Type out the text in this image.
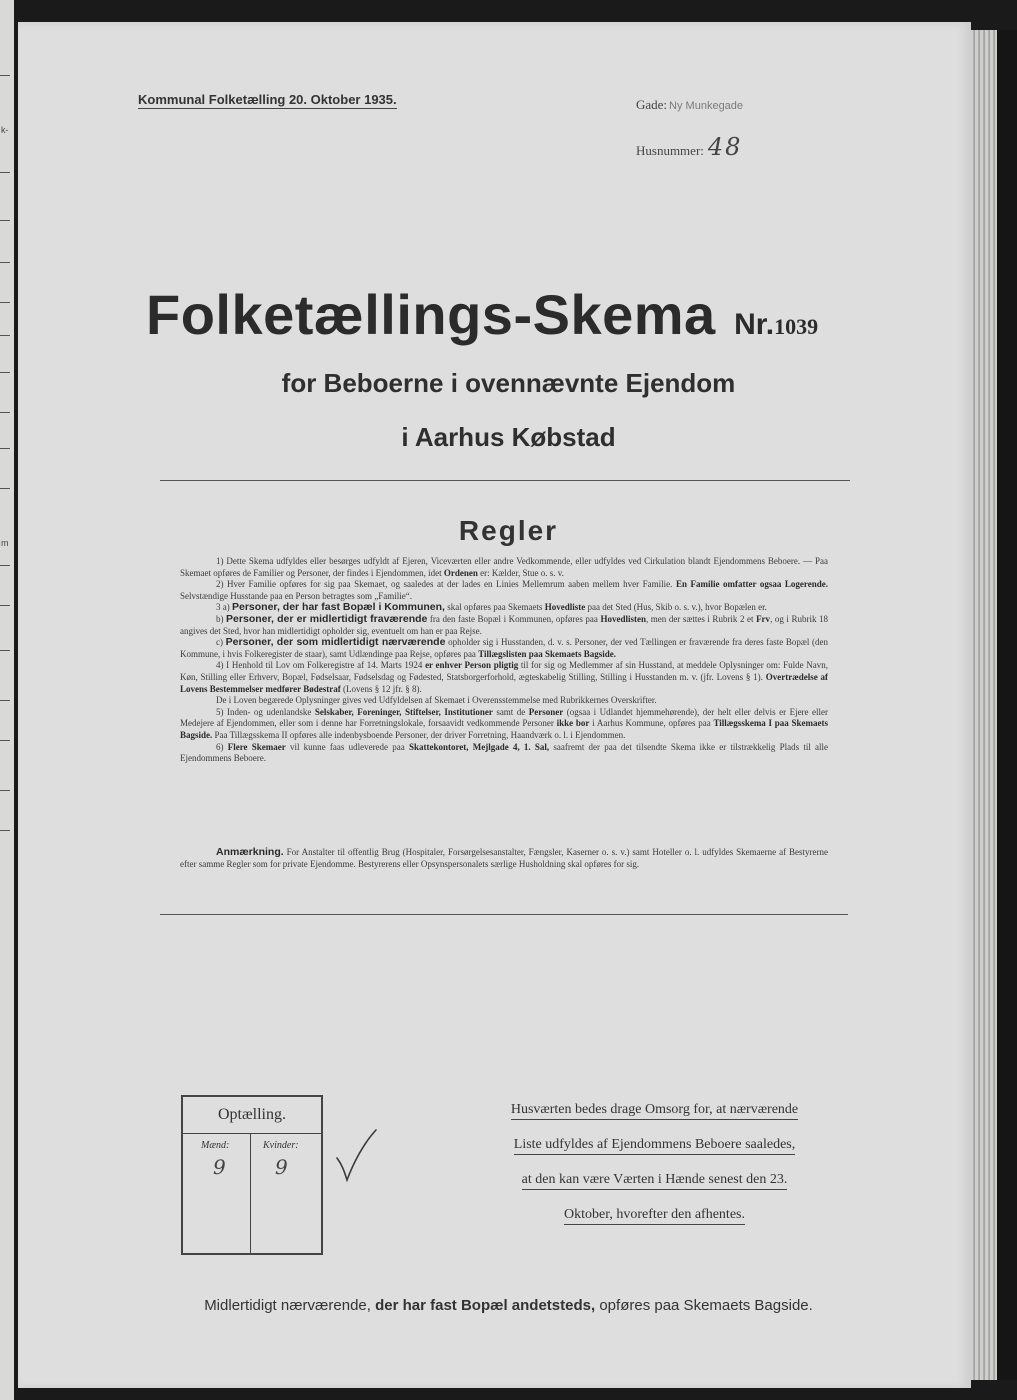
k-
m
Kommunal Folketælling 20. Oktober 1935.	Gade: Ny Munkegade
Husnummer: 48
Folketællings-Skema Nr.1039
for Beboerne i ovennævnte Ejendom
i Aarhus Købstad
Regler

1) Dette Skema udfyldes eller besørges udfyldt af Ejeren, Viceværten eller andre Vedkommende, eller udfyldes ved Cirkulation blandt Ejendommens Beboere. — Paa Skemaet opføres de Familier og Personer, der findes i Ejendommen, idet Ordenen er: Kælder, Stue o. s. v.

2) Hver Familie opføres for sig paa Skemaet, og saaledes at der lades en Linies Mellemrum aaben mellem hver Familie. En Familie omfatter ogsaa Logerende. Selvstændige Husstande paa en Person betragtes som „Familie“.

3 a) Personer, der har fast Bopæl i Kommunen, skal opføres paa Skemaets Hovedliste paa det Sted (Hus, Skib o. s. v.), hvor Bopælen er.

b) Personer, der er midlertidigt fraværende fra den faste Bopæl i Kommunen, opføres paa Hovedlisten, men der sættes i Rubrik 2 et Frv, og i Rubrik 18 angives det Sted, hvor han midlertidigt opholder sig, eventuelt om han er paa Rejse.

c) Personer, der som midlertidigt nærværende opholder sig i Husstanden, d. v. s. Personer, der ved Tællingen er fraværende fra deres faste Bopæl (den Kommune, i hvis Folkeregister de staar), samt Udlændinge paa Rejse, opføres paa Tillægslisten paa Skemaets Bagside.

4) I Henhold til Lov om Folkeregistre af 14. Marts 1924 er enhver Person pligtig til for sig og Medlemmer af sin Husstand, at meddele Oplysninger om: Fulde Navn, Køn, Stilling eller Erhverv, Bopæl, Fødselsaar, Fødselsdag og Fødested, Statsborgerforhold, ægteskabelig Stilling, Stilling i Husstanden m. v. (jfr. Lovens § 1). Overtrædelse af Lovens Bestemmelser medfører Bødestraf (Lovens § 12 jfr. § 8).

De i Loven begærede Oplysninger gives ved Udfyldelsen af Skemaet i Overensstemmelse med Rubrikkernes Overskrifter.

5) Inden- og udenlandske Selskaber, Foreninger, Stiftelser, Institutioner samt de Personer (ogsaa i Udlandet hjemmehørende), der helt eller delvis er Ejere eller Medejere af Ejendommen, eller som i denne har Forretningslokale, forsaavidt vedkommende Personer ikke bor i Aarhus Kommune, opføres paa Tillægsskema I paa Skemaets Bagside. Paa Tillægsskema II opføres alle indenbysboende Personer, der driver Forretning, Haandværk o. l. i Ejendommen.

6) Flere Skemaer vil kunne faas udleverede paa Skattekontoret, Mejlgade 4, 1. Sal, saafremt der paa det tilsendte Skema ikke er tilstrækkelig Plads til alle Ejendommens Beboere.

Anmærkning. For Anstalter til offentlig Brug (Hospitaler, Forsørgelsesanstalter, Fængsler, Kaserner o. s. v.) samt Hoteller o. l. udfyldes Skemaerne af Bestyrerne efter samme Regler som for private Ejendomme. Bestyrerens eller Opsynspersonalets særlige Husholdning skal opføres for sig.

Optælling.
Mænd:
9
Kvinder:
9
Husværten bedes drage Omsorg for, at nærværende Liste udfyldes af Ejendommens Beboere saaledes, at den kan være Værten i Hænde senest den 23. Oktober, hvorefter den afhentes.
Midlertidigt nærværende, der har fast Bopæl andetsteds, opføres paa Skemaets Bagside.
